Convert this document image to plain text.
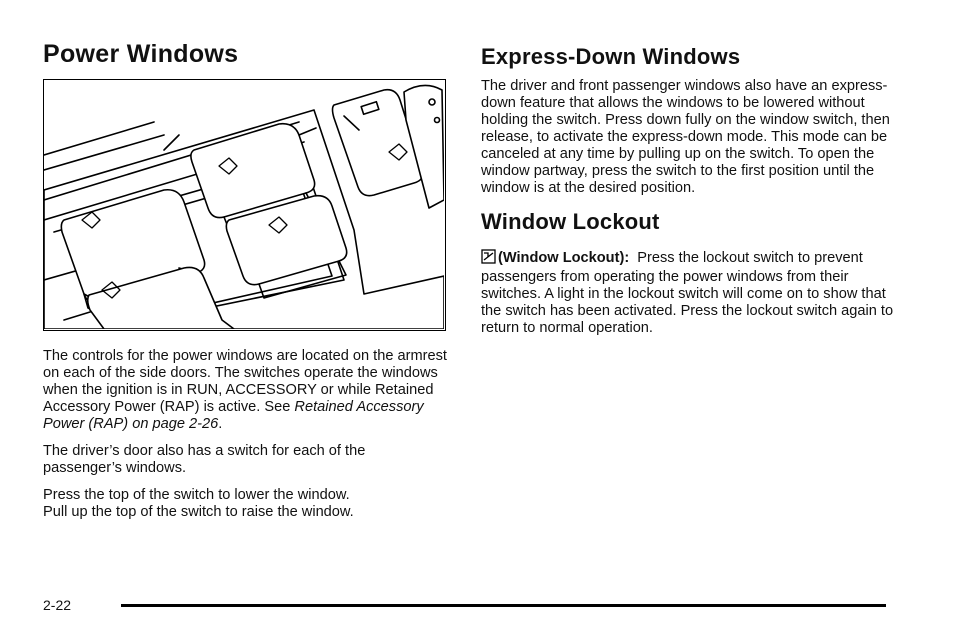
Power Windows

The controls for the power windows are located on the armrest on each of the side doors. The switches operate the windows when the ignition is in RUN, ACCESSORY or while Retained Accessory Power (RAP) is active. See Retained Accessory Power (RAP) on page 2-26.

The driver’s door also has a switch for each of the passenger’s windows.

Press the top of the switch to lower the window.
Pull up the top of the switch to raise the window.

Express-Down Windows

The driver and front passenger windows also have an express-down feature that allows the windows to be lowered without holding the switch. Press down fully on the window switch, then release, to activate the express-down mode. This mode can be canceled at any time by pulling up on the switch. To open the window partway, press the switch to the first position until the window is at the desired position.

Window Lockout

(Window Lockout): Press the lockout switch to prevent passengers from operating the power windows from their switches. A light in the lockout switch will come on to show that the switch has been activated. Press the lockout switch again to return to normal operation.

2-22
